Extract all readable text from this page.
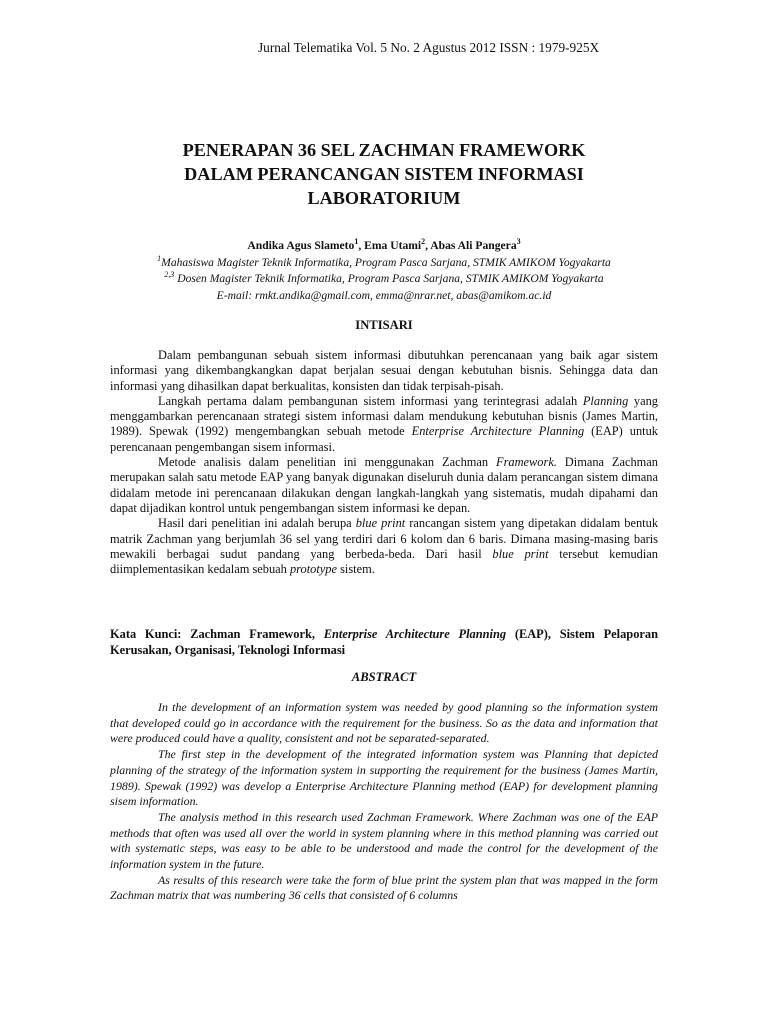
Jurnal Telematika Vol. 5 No. 2 Agustus 2012 ISSN : 1979-925X
PENERAPAN 36 SEL ZACHMAN FRAMEWORK
DALAM PERANCANGAN SISTEM INFORMASI
LABORATORIUM
Andika Agus Slameto$^1$, Ema Utami$^2$, Abas Ali Pangera$^3$
$^1$Mahasiswa Magister Teknik Informatika, Program Pasca Sarjana, STMIK AMIKOM Yogyakarta
$^{2,3}$ Dosen Magister Teknik Informatika, Program Pasca Sarjana, STMIK AMIKOM Yogyakarta
E-mail: rmkt.andika@gmail.com, emma@nrar.net, abas@amikom.ac.id
INTISARI

Dalam pembangunan sebuah sistem informasi dibutuhkan perencanaan yang baik agar sistem informasi yang dikembangkangkan dapat berjalan sesuai dengan kebutuhan bisnis. Sehingga data dan informasi yang dihasilkan dapat berkualitas, konsisten dan tidak terpisah-pisah.

Langkah pertama dalam pembangunan sistem informasi yang terintegrasi adalah Planning yang menggambarkan perencanaan strategi sistem informasi dalam mendukung kebutuhan bisnis (James Martin, 1989). Spewak (1992) mengembangkan sebuah metode Enterprise Architecture Planning (EAP) untuk perencanaan pengembangan sisem informasi.

Metode analisis dalam penelitian ini menggunakan Zachman Framework. Dimana Zachman merupakan salah satu metode EAP yang banyak digunakan diseluruh dunia dalam perancangan sistem dimana didalam metode ini perencanaan dilakukan dengan langkah-langkah yang sistematis, mudah dipahami dan dapat dijadikan kontrol untuk pengembangan sistem informasi ke depan.

Hasil dari penelitian ini adalah berupa blue print rancangan sistem yang dipetakan didalam bentuk matrik Zachman yang berjumlah 36 sel yang terdiri dari 6 kolom dan 6 baris. Dimana masing-masing baris mewakili berbagai sudut pandang yang berbeda-beda. Dari hasil blue print tersebut kemudian diimplementasikan kedalam sebuah prototype sistem.

Kata Kunci: Zachman Framework, Enterprise Architecture Planning (EAP), Sistem Pelaporan Kerusakan, Organisasi, Teknologi Informasi
ABSTRACT

In the development of an information system was needed by good planning so the information system that developed could go in accordance with the requirement for the business. So as the data and information that were produced could have a quality, consistent and not be separated-separated.

The first step in the development of the integrated information system was Planning that depicted planning of the strategy of the information system in supporting the requirement for the business (James Martin, 1989). Spewak (1992) was develop a Enterprise Architecture Planning method (EAP) for development planning sisem information.

The analysis method in this research used Zachman Framework. Where Zachman was one of the EAP methods that often was used all over the world in system planning where in this method planning was carried out with systematic steps, was easy to be able to be understood and made the control for the development of the information system in the future.

As results of this research were take the form of blue print the system plan that was mapped in the form Zachman matrix that was numbering 36 cells that consisted of 6 columns
